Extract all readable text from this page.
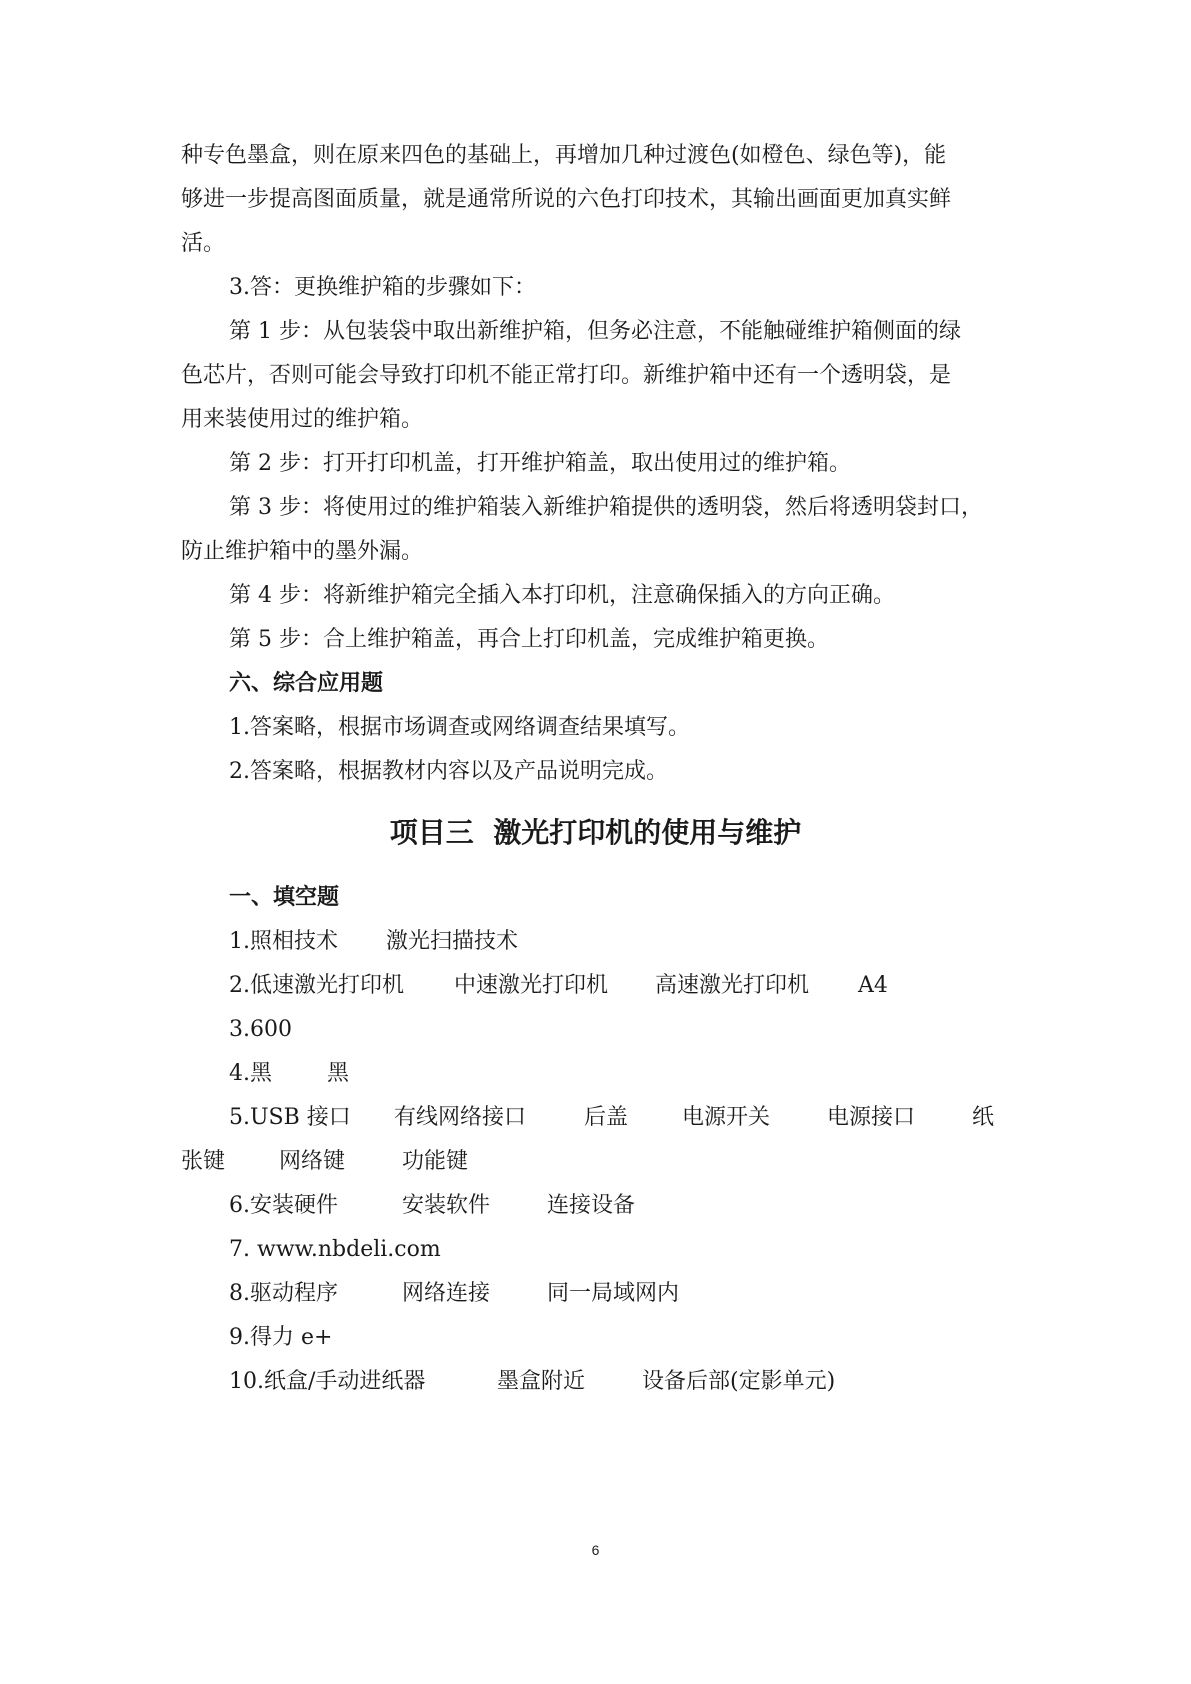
种专色墨盒，则在原来四色的基础上，再增加几种过渡色(如橙色、绿色等)，能
够进一步提高图面质量，就是通常所说的六色打印技术，其输出画面更加真实鲜
活。
3.答：更换维护箱的步骤如下：
第 1 步：从包装袋中取出新维护箱，但务必注意，不能触碰维护箱侧面的绿
色芯片，否则可能会导致打印机不能正常打印。新维护箱中还有一个透明袋，是
用来装使用过的维护箱。
第 2 步：打开打印机盖，打开维护箱盖，取出使用过的维护箱。
第 3 步：将使用过的维护箱装入新维护箱提供的透明袋，然后将透明袋封口，
防止维护箱中的墨外漏。
第 4 步：将新维护箱完全插入本打印机，注意确保插入的方向正确。
第 5 步：合上维护箱盖，再合上打印机盖，完成维护箱更换。
六、综合应用题
1.答案略，根据市场调查或网络调查结果填写。
2.答案略，根据教材内容以及产品说明完成。
项目三  激光打印机的使用与维护
一、填空题
1.照相技术	激光扫描技术
2.低速激光打印机	中速激光打印机	高速激光打印机	A4
3.600
4.黑	黑
5.USB 接口	有线网络接口	后盖	电源开关	电源接口	纸
张键	网络键	功能键
6.安装硬件	安装软件	连接设备
7. www.nbdeli.com
8.驱动程序	网络连接	同一局域网内
9.得力 e+
10.纸盒/手动进纸器	墨盒附近	设备后部(定影单元)
6
